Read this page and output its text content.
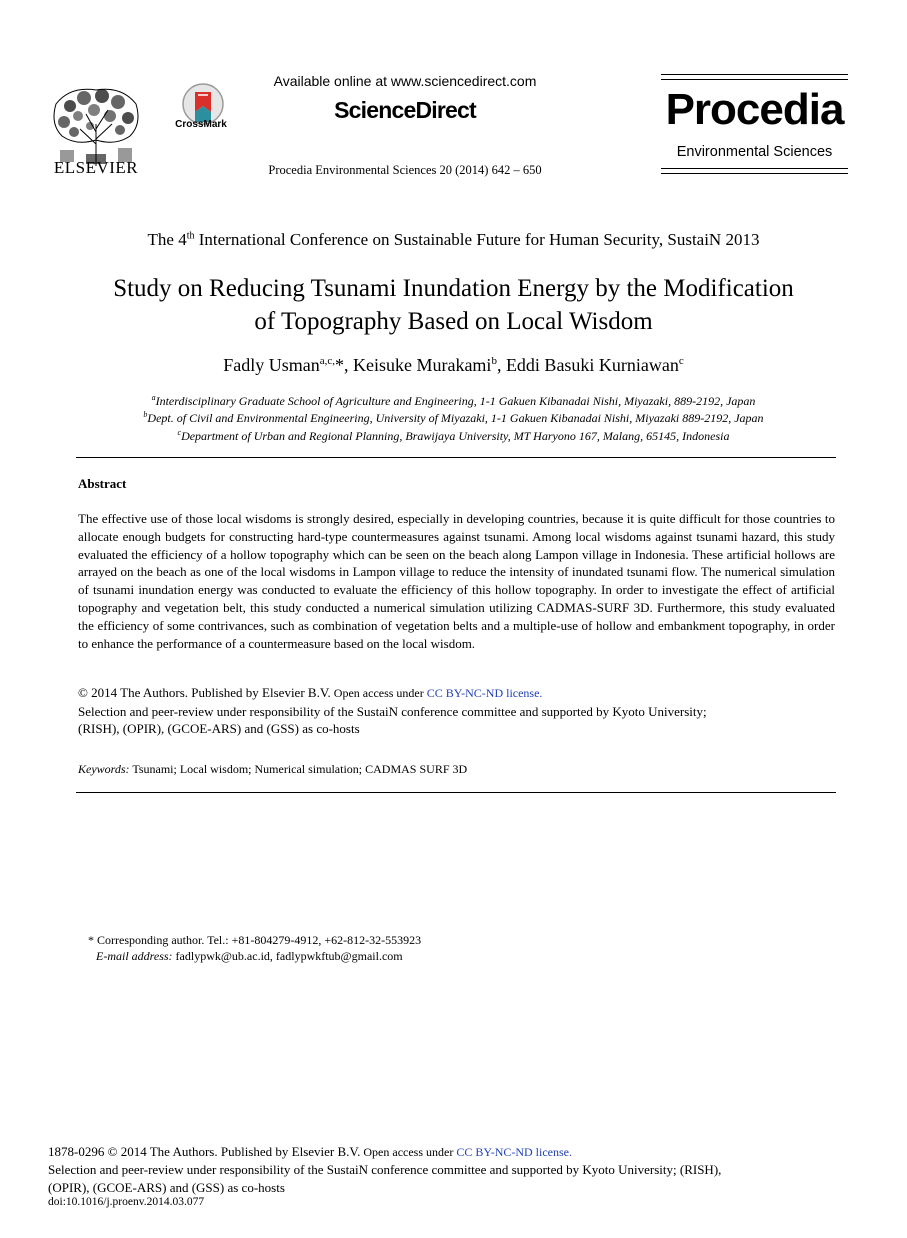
ELSEVIER
CrossMark
Available online at www.sciencedirect.com
ScienceDirect
Procedia Environmental Sciences 20 (2014) 642 – 650
Procedia
Environmental Sciences
The 4th International Conference on Sustainable Future for Human Security, SustaiN 2013
Study on Reducing Tsunami Inundation Energy by the Modification
of Topography Based on Local Wisdom
Fadly Usman$^{a,c,}$*, Keisuke Murakami$^b$, Eddi Basuki Kurniawan$^c$
$^a$Interdisciplinary Graduate School of Agriculture and Engineering, 1-1 Gakuen Kibanadai Nishi, Miyazaki, 889-2192, Japan
$^b$Dept. of Civil and Environmental Engineering, University of Miyazaki, 1-1 Gakuen Kibanadai Nishi, Miyazaki 889-2192, Japan
$^c$Department of Urban and Regional Planning, Brawijaya University, MT Haryono 167, Malang, 65145, Indonesia
Abstract
The effective use of those local wisdoms is strongly desired, especially in developing countries, because it is quite difficult for those countries to allocate enough budgets for constructing hard-type countermeasures against tsunami. Among local wisdoms against tsunami hazard, this study evaluated the efficiency of a hollow topography which can be seen on the beach along Lampon village in Indonesia. These artificial hollows are arrayed on the beach as one of the local wisdoms in Lampon village to reduce the intensity of inundated tsunami flow. The numerical simulation of tsunami inundation energy was conducted to evaluate the efficiency of this hollow topography. In order to investigate the effect of artificial topography and vegetation belt, this study conducted a numerical simulation utilizing CADMAS-SURF 3D. Furthermore, this study evaluated the efficiency of some contrivances, such as combination of vegetation belts and a multiple-use of hollow and embankment topography, in order to enhance the performance of a countermeasure based on the local wisdom.
© 2014 The Authors. Published by Elsevier B.V. Open access under CC BY-NC-ND license.
Selection and peer-review under responsibility of the SustaiN conference committee and supported by Kyoto University;
(RISH), (OPIR), (GCOE-ARS) and (GSS) as co-hosts
Keywords: Tsunami; Local wisdom; Numerical simulation; CADMAS SURF 3D
* Corresponding author. Tel.: +81-804279-4912, +62-812-32-553923
E-mail address: fadlypwk@ub.ac.id, fadlypwkftub@gmail.com
1878-0296 © 2014 The Authors. Published by Elsevier B.V. Open access under CC BY-NC-ND license.
Selection and peer-review under responsibility of the SustaiN conference committee and supported by Kyoto University; (RISH),
(OPIR), (GCOE-ARS) and (GSS) as co-hosts
doi:10.1016/j.proenv.2014.03.077
